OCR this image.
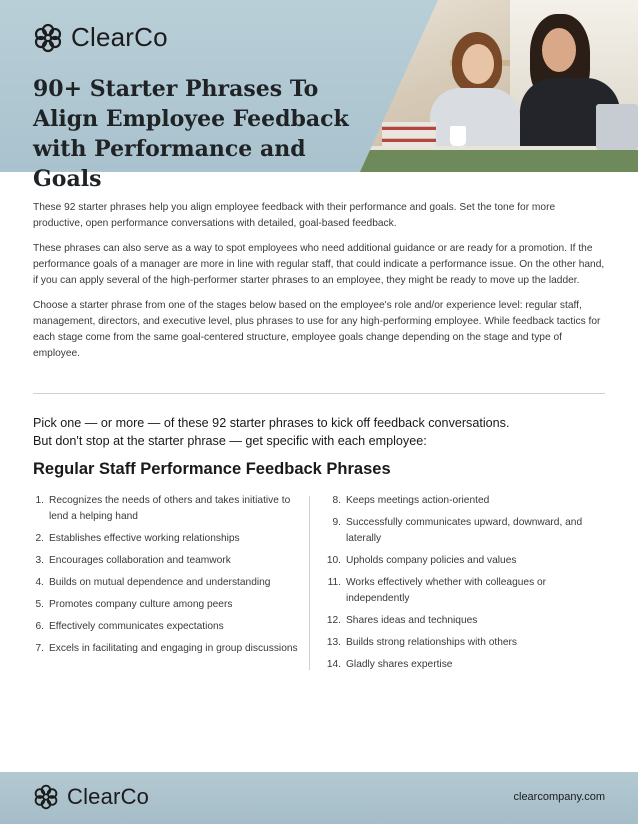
ClearCo
90+ Starter Phrases To Align Employee Feedback with Performance and Goals

These 92 starter phrases help you align employee feedback with their performance and goals. Set the tone for more productive, open performance conversations with detailed, goal-based feedback.

These phrases can also serve as a way to spot employees who need additional guidance or are ready for a promotion. If the performance goals of a manager are more in line with regular staff, that could indicate a performance issue. On the other hand, if you can apply several of the high-performer starter phrases to an employee, they might be ready to move up the ladder.

Choose a starter phrase from one of the stages below based on the employee's role and/or experience level: regular staff, management, directors, and executive level, plus phrases to use for any high-performing employee. While feedback tactics for each stage come from the same goal-centered structure, employee goals change depending on the stage and type of employee.

Pick one — or more — of these 92 starter phrases to kick off feedback conversations.
But don't stop at the starter phrase — get specific with each employee:
Regular Staff Performance Feedback Phrases
1. Recognizes the needs of others and takes initiative to lend a helping hand
2. Establishes effective working relationships
3. Encourages collaboration and teamwork
4. Builds on mutual dependence and understanding
5. Promotes company culture among peers
6. Effectively communicates expectations
7. Excels in facilitating and engaging in group discussions
8. Keeps meetings action-oriented
9. Successfully communicates upward, downward, and laterally
10. Upholds company policies and values
11. Works effectively whether with colleagues or independently
12. Shares ideas and techniques
13. Builds strong relationships with others
14. Gladly shares expertise
ClearCo	clearcompany.com
